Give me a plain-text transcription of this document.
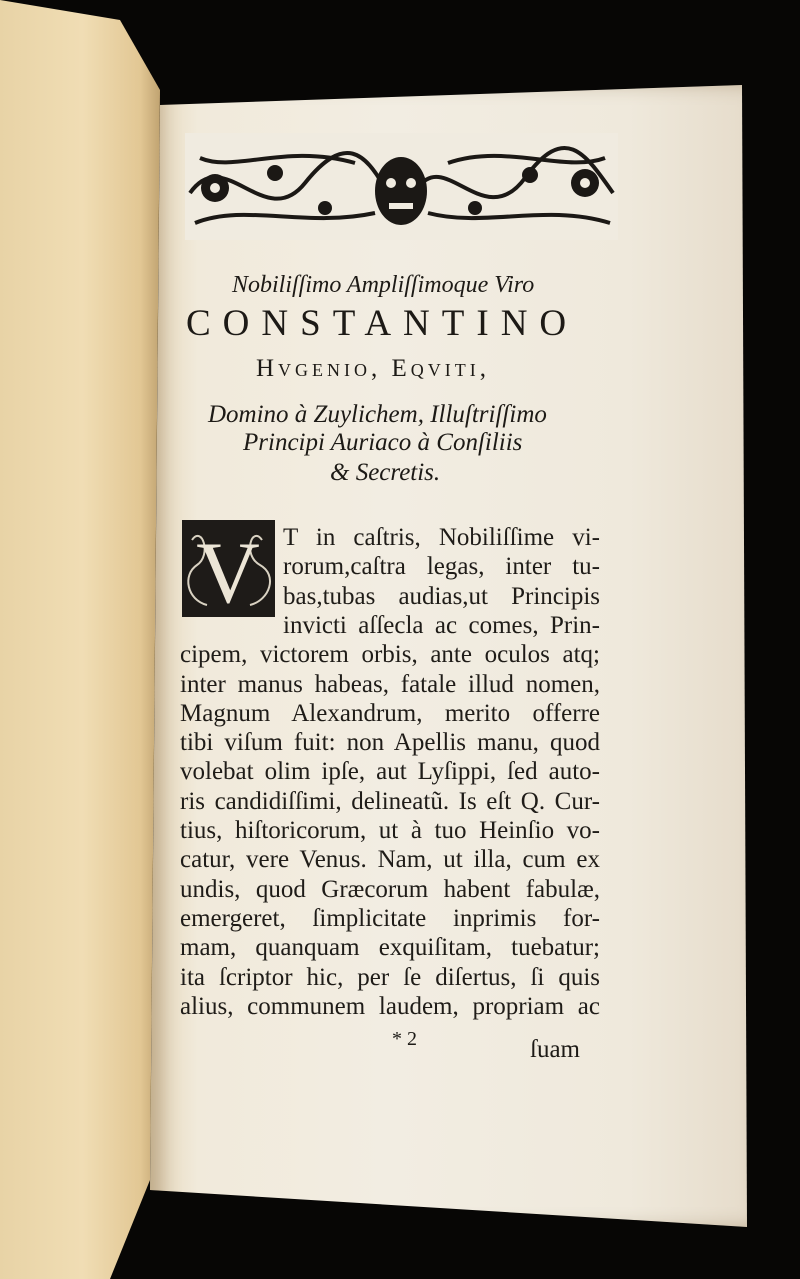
Nobiliſſimo Ampliſſimoque Viro
CONSTANTINO
Hvgenio, Eqviti,
Domino à Zuylichem, Illuſtriſſimo
Principi Auriaco à Conſiliis
& Secretis.
V T in caſtris, Nobiliſſime vi-
rorum,caſtra legas, inter tu-
bas,tubas audias,ut Principis
invicti aſſecla ac comes, Prin-
cipem, victorem orbis, ante oculos atq;
inter manus habeas, fatale illud nomen,
Magnum Alexandrum, merito offerre
tibi viſum fuit: non Apellis manu, quod
volebat olim ipſe, aut Lyſippi, ſed auto-
ris candidiſſimi, delineatũ. Is eſt Q. Cur-
tius, hiſtoricorum, ut à tuo Heinſio vo-
catur, vere Venus. Nam, ut illa, cum ex
undis, quod Græcorum habent fabulæ,
emergeret, ſimplicitate inprimis for-
mam, quanquam exquiſitam, tuebatur;
ita ſcriptor hic, per ſe diſertus, ſi quis
alius, communem laudem, propriam ac
* 2	ſuam
